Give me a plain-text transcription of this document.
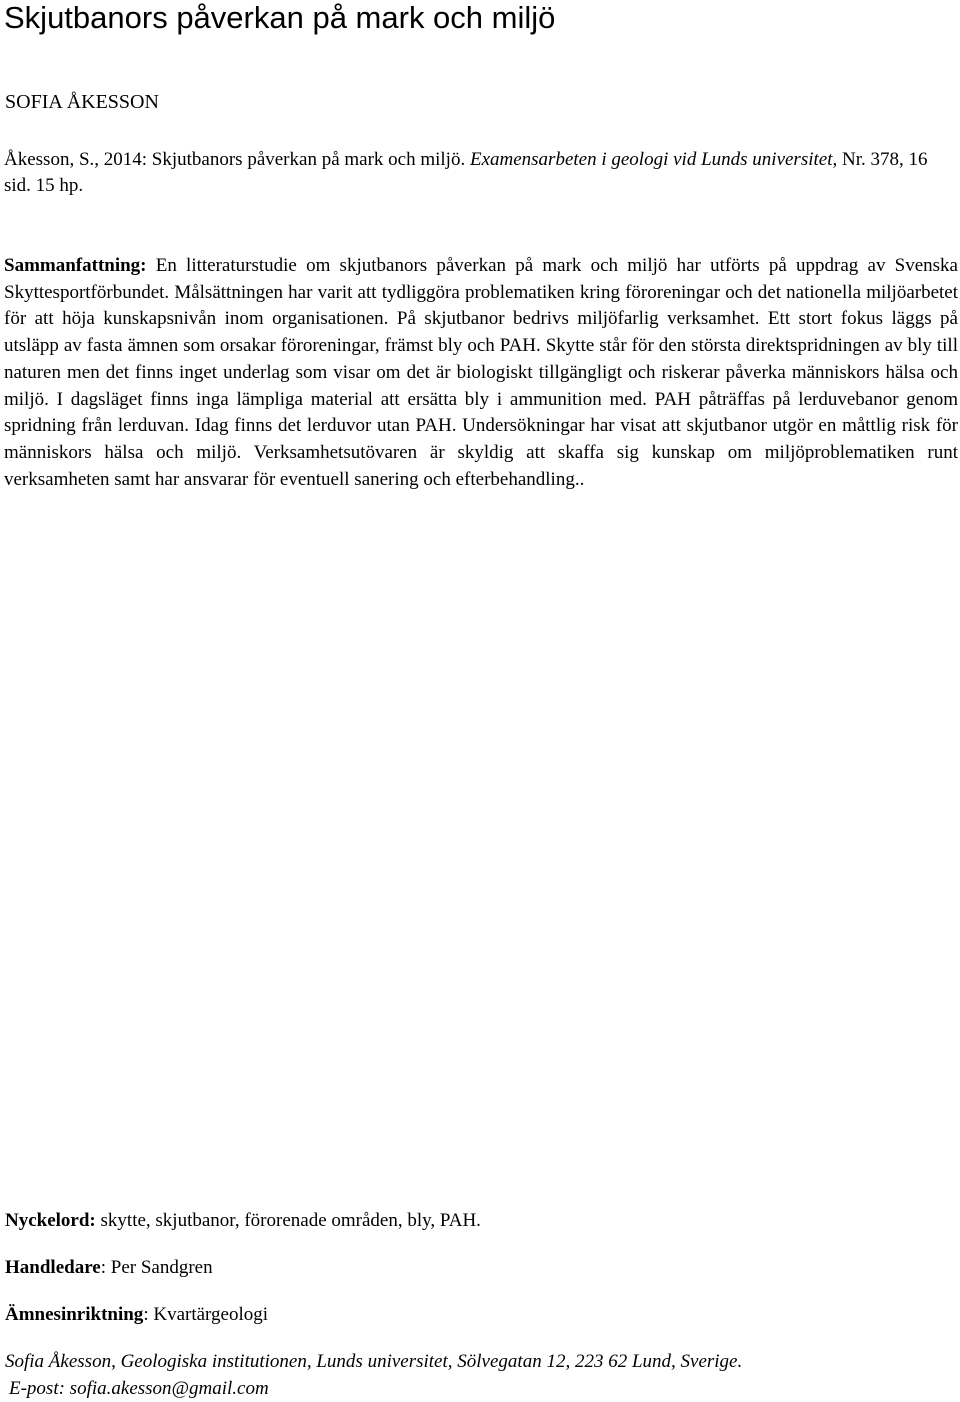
Skjutbanors påverkan på mark och miljö
SOFIA ÅKESSON
Åkesson, S., 2014: Skjutbanors påverkan på mark och miljö. Examensarbeten i geologi vid Lunds universitet, Nr. 378, 16 sid. 15 hp.

Sammanfattning: En litteraturstudie om skjutbanors påverkan på mark och miljö har utförts på uppdrag av Svenska Skyttesportförbundet. Målsättningen har varit att tydliggöra problematiken kring föroreningar och det nationella miljöarbetet för att höja kunskapsnivån inom organisationen. På skjutbanor bedrivs miljöfarlig verksamhet. Ett stort fokus läggs på utsläpp av fasta ämnen som orsakar föroreningar, främst bly och PAH. Skytte står för den största direktspridningen av bly till naturen men det finns inget underlag som visar om det är biologiskt tillgängligt och riskerar påverka människors hälsa och miljö. I dagsläget finns inga lämpliga material att ersätta bly i ammunition med. PAH påträffas på lerduvebanor genom spridning från lerduvan. Idag finns det lerduvor utan PAH. Undersökningar har visat att skjutbanor utgör en måttlig risk för människors hälsa och miljö. Verksamhetsutövaren är skyldig att skaffa sig kunskap om miljöproblematiken runt verksamheten samt har ansvarar för eventuell sanering och efterbehandling..

Nyckelord: skytte, skjutbanor, förorenade områden, bly, PAH.
Handledare: Per Sandgren
Ämnesinriktning: Kvartärgeologi
Sofia Åkesson, Geologiska institutionen, Lunds universitet, Sölvegatan 12, 223 62 Lund, Sverige.
E-post: sofia.akesson@gmail.com
